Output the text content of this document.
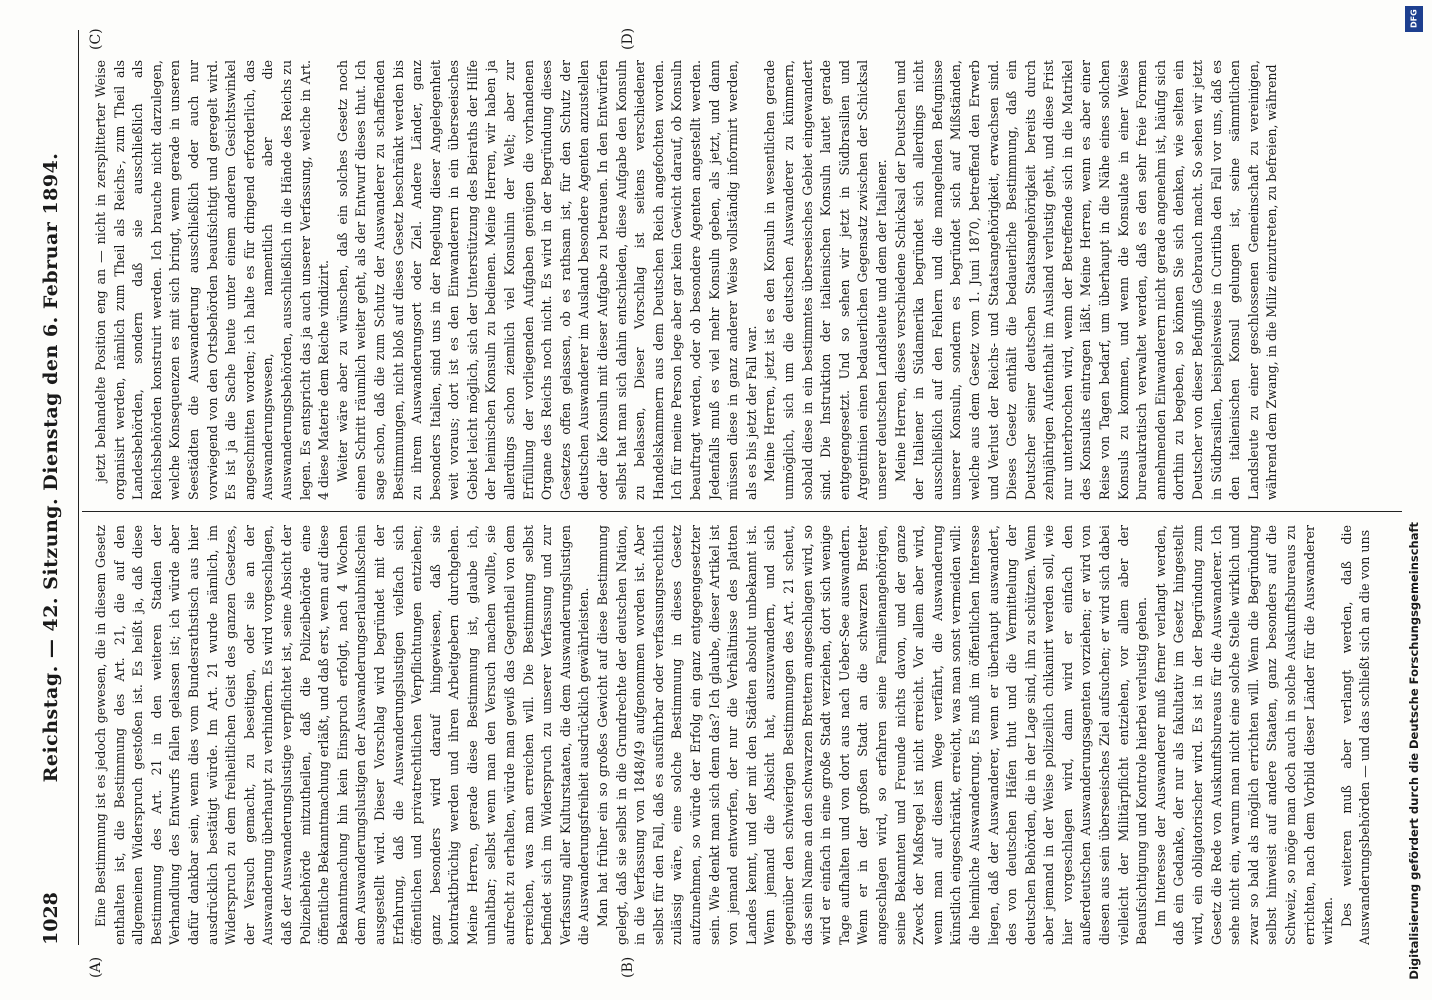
1028
Reichstag. — 42. Sitzung. Dienstag den 6. Februar 1894.
(A)	(B)
(C)	(D)

Eine Bestimmung ist es jedoch gewesen, die in diesem Gesetz enthalten ist, die Bestimmung des Art. 21, die auf den allgemeinen Widerspruch gestoßen ist. Es heißt ja, daß diese Bestimmung des Art. 21 in den weiteren Stadien der Verhandlung des Entwurfs fallen gelassen ist; ich würde aber dafür dankbar sein, wenn dies vom Bundesrathstisch aus hier ausdrücklich bestätigt würde. Im Art. 21 wurde nämlich, im Widerspruch zu dem freiheitlichen Geist des ganzen Gesetzes, der Versuch gemacht, zu beseitigen, oder sie an der Auswanderung überhaupt zu verhindern. Es wird vorgeschlagen, daß der Auswanderungslustige verpflichtet ist, seine Absicht der Polizeibehörde mitzutheilen, daß die Polizeibehörde eine öffentliche Bekanntmachung erläßt, und daß erst, wenn auf diese Bekanntmachung hin kein Einspruch erfolgt, nach 4 Wochen dem Auswanderungslustigen der Auswanderungserlaubnißschein ausgestellt wird. Dieser Vorschlag wird begründet mit der Erfahrung, daß die Auswanderungslustigen vielfach sich öffentlichen und privatrechtlichen Verpflichtungen entziehen; ganz besonders wird darauf hingewiesen, daß sie kontraktbrüchig werden und ihren Arbeitgebern durchgehen. Meine Herren, gerade diese Bestimmung ist, glaube ich, unhaltbar; selbst wenn man den Versuch machen wollte, sie aufrecht zu erhalten, würde man gewiß das Gegentheil von dem erreichen, was man erreichen will. Die Bestimmung selbst befindet sich im Widerspruch zu unserer Verfassung und zur Verfassung aller Kulturstaaten, die dem Auswanderungslustigen die Auswanderungsfreiheit ausdrücklich gewährleisten. Man hat früher ein so großes Gewicht auf diese Bestimmung gelegt, daß sie selbst in die Grundrechte der deutschen Nation, in die Verfassung von 1848/49 aufgenommen worden ist. Aber selbst für den Fall, daß es ausführbar oder verfassungsrechtlich zulässig wäre, eine solche Bestimmung in dieses Gesetz aufzunehmen, so würde der Erfolg ein ganz entgegengesetzter sein. Wie denkt man sich denn das? Ich glaube, dieser Artikel ist von jemand entworfen, der nur die Verhältnisse des platten Landes kennt, und der mit den Städten absolut unbekannt ist. Wenn jemand die Absicht hat, auszuwandern, und sich gegenüber den schwierigen Bestimmungen des Art. 21 scheut, das sein Name an den schwarzen Brettern angeschlagen wird, so wird er einfach in eine große Stadt verziehen, dort sich wenige Tage aufhalten und von dort aus nach Ueber-See auswandern. Wenn er in der großen Stadt an die schwarzen Bretter angeschlagen wird, so erfahren seine Familienangehörigen, seine Bekannten und Freunde nichts davon, und der ganze Zweck der Maßregel ist nicht erreicht. Vor allem aber wird, wenn man auf diesem Wege verfährt, die Auswanderung künstlich eingeschränkt, erreicht, was man sonst vermeiden will: die heimliche Auswanderung. Es muß im öffentlichen Interesse liegen, daß der Auswanderer, wenn er überhaupt auswandert, des von deutschen Häfen thut und die Vermittelung der deutschen Behörden, die in der Lage sind, ihn zu schützen. Wenn aber jemand in der Weise polizeilich chikanirt werden soll, wie hier vorgeschlagen wird, dann wird er einfach den außerdeutschen Auswanderungsagenten vorziehen; er wird von diesen aus sein überseeisches Ziel aufsuchen; er wird sich dabei vielleicht der Militärpflicht entziehen, vor allem aber der Beaufsichtigung und Kontrole hierbei verlustig gehen. Im Interesse der Auswanderer muß ferner verlangt werden, daß ein Gedanke, der nur als fakultativ im Gesetz hingestellt wird, ein obligatorischer wird. Es ist in der Begründung zum Gesetz die Rede von Auskunftsbureaus für die Auswanderer. Ich sehe nicht ein, warum man nicht eine solche Stelle wirklich und zwar so bald als möglich errichten will. Wenn die Begründung selbst hinweist auf andere Staaten, ganz besonders auf die Schweiz, so möge man doch auch in solche Auskunftsbureaus zu errichten, nach dem Vorbild dieser Länder für die Auswanderer wirken. Des weiteren muß aber verlangt werden, daß die Auswanderungsbehörden — und das schließt sich an die von uns

jetzt behandelte Position eng an — nicht in zersplitterter Weise organisirt werden, nämlich zum Theil als Reichs-, zum Theil als Landesbehörden, sondern daß sie ausschließlich als Reichsbehörden konstruirt werden. Ich brauche nicht darzulegen, welche Konsequenzen es mit sich bringt, wenn gerade in unseren Seestädten die Auswanderung ausschließlich oder auch nur vorwiegend von den Ortsbehörden beaufsichtigt und geregelt wird. Es ist ja die Sache heute unter einem anderen Gesichtswinkel angeschnitten worden; ich halte es für dringend erforderlich, das Auswanderungswesen, namentlich aber die Auswanderungsbehörden, ausschließlich in die Hände des Reichs zu legen. Es entspricht das ja auch unserer Verfassung, welche in Art. 4 diese Materie dem Reiche vindizirt. Weiter wäre aber zu wünschen, daß ein solches Gesetz noch einen Schritt räumlich weiter geht, als der Entwurf dieses thut. Ich sage schon, daß die zum Schutz der Auswanderer zu schaffenden Bestimmungen, nicht bloß auf dieses Gesetz beschränkt werden bis zu ihrem Auswanderungsort oder Ziel. Andere Länder, ganz besonders Italien, sind uns in der Regelung dieser Angelegenheit weit voraus; dort ist es den Einwanderern in ein überseeisches Gebiet leicht möglich, sich der Unterstützung des Beiraths der Hilfe der heimischen Konsuln zu bedienen. Meine Herren, wir haben ja allerdings schon ziemlich viel Konsulnin der Welt; aber zur Erfüllung der vorliegenden Aufgaben genügen die vorhandenen Organe des Reichs noch nicht. Es wird in der Begründung dieses Gesetzes offen gelassen, ob es rathsam ist, für den Schutz der deutschen Auswanderer im Ausland besondere Agenten anzustellen oder die Konsuln mit dieser Aufgabe zu betrauen. In den Entwürfen selbst hat man sich dahin entschieden, diese Aufgabe den Konsuln zu belassen, Dieser Vorschlag ist seitens verschiedener Handelskammern aus dem Deutschen Reich angefochten worden. Ich für meine Person lege aber gar kein Gewicht darauf, ob Konsuln beauftragt werden, oder ob besondere Agenten angestellt werden. Jedenfalls muß es viel mehr Konsuln geben, als jetzt, und dann müssen diese in ganz anderer Weise vollständig informirt werden, als es bis jetzt der Fall war. Meine Herren, jetzt ist es den Konsuln in wesentlichen gerade unmöglich, sich um die deutschen Auswanderer zu kümmern, sobald diese in ein bestimmtes überseeisches Gebiet eingewandert sind. Die Instruktion der italienischen Konsuln lautet gerade entgegengesetzt. Und so sehen wir jetzt in Südbrasilien und Argentinien einen bedauerlichen Gegensatz zwischen der Schicksal unserer deutschen Landsleute und dem der Italiener. Meine Herren, dieses verschiedene Schicksal der Deutschen und der Italiener in Südamerika begründet sich allerdings nicht ausschließlich auf den Fehlern und die mangelnden Befugnisse unserer Konsuln, sondern es begründet sich auf Mißständen, welche aus dem Gesetz vom 1. Juni 1870, betreffend den Erwerb und Verlust der Reichs- und Staatsangehörigkeit, erwachsen sind. Dieses Gesetz enthält die bedauerliche Bestimmung, daß ein Deutscher seiner deutschen Staatsangehörigkeit bereits durch zehnjährigen Aufenthalt im Ausland verlustig geht, und diese Frist nur unterbrochen wird, wenn der Betreffende sich in die Matrikel des Konsulats eintragen läßt. Meine Herren, wenn es aber einer Reise von Tagen bedarf, um überhaupt in die Nähe eines solchen Konsuls zu kommen, und wenn die Konsulate in einer Weise bureaukratisch verwaltet werden, daß es den sehr freie Formen annehmenden Einwanderern nicht gerade angenehm ist, häufig sich dorthin zu begeben, so können Sie sich denken, wie selten ein Deutscher von dieser Befugniß Gebrauch macht. So sehen wir jetzt in Südbrasilien, beispielsweise in Curitiba den Fall vor uns, daß es den italienischen Konsul gelungen ist, seine sämmtlichen Landsleute zu einer geschlossenen Gemeinschaft zu vereinigen, während dem Zwang, in die Miliz einzutreten, zu befreien, während

DFG
Digitalisierung gefördert durch die Deutsche Forschungsgemeinschaft
